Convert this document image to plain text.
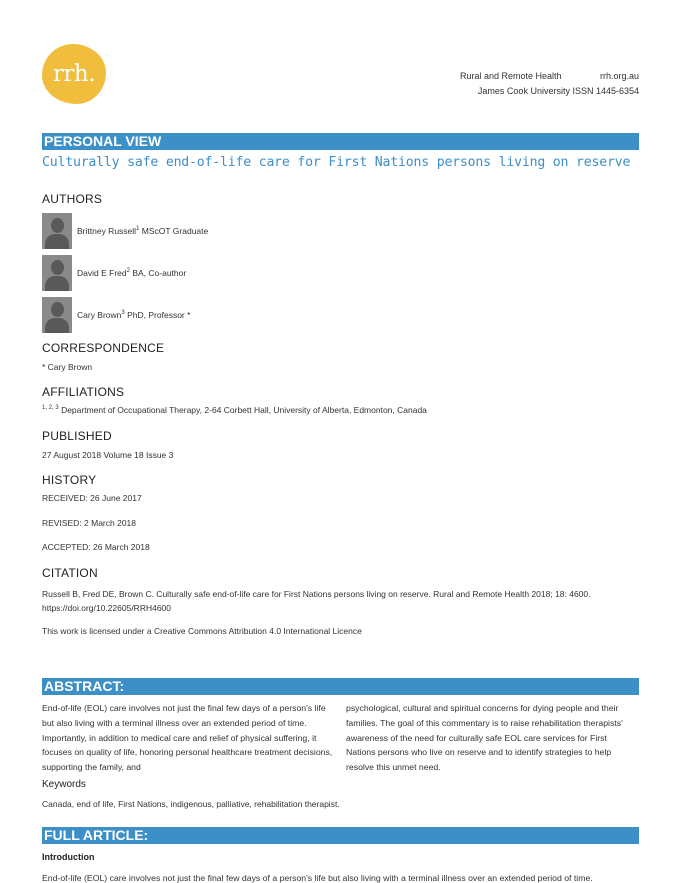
rrh.	Rural and Remote Health	rrh.org.au
James Cook University ISSN 1445-6354
PERSONAL VIEW
Culturally safe end-of-life care for First Nations persons living on reserve
AUTHORS
Brittney Russell$^1$ MScOT Graduate
David E Fred$^2$ BA, Co-author
Cary Brown$^3$ PhD, Professor *
CORRESPONDENCE
* Cary Brown
AFFILIATIONS
$^{1, 2, 3}$ Department of Occupational Therapy, 2-64 Corbett Hall, University of Alberta, Edmonton, Canada
PUBLISHED
27 August 2018 Volume 18 Issue 3
HISTORY
RECEIVED: 26 June 2017
REVISED: 2 March 2018
ACCEPTED: 26 March 2018
CITATION
Russell B, Fred DE, Brown C. Culturally safe end-of-life care for First Nations persons living on reserve. Rural and Remote Health 2018; 18: 4600. https://doi.org/10.22605/RRH4600
This work is licensed under a Creative Commons Attribution 4.0 International Licence
ABSTRACT:
End-of-life (EOL) care involves not just the final few days of a person's life but also living with a terminal illness over an extended period of time. Importantly, in addition to medical care and relief of physical suffering, it focuses on quality of life, honoring personal healthcare treatment decisions, supporting the family, and
psychological, cultural and spiritual concerns for dying people and their families. The goal of this commentary is to raise rehabilitation therapists' awareness of the need for culturally safe EOL care services for First Nations persons who live on reserve and to identify strategies to help resolve this unmet need.
Keywords
Canada, end of life, First Nations, indigenous, palliative, rehabilitation therapist.
FULL ARTICLE:
Introduction
End-of-life (EOL) care involves not just the final few days of a person's life but also living with a terminal illness over an extended period of time.
